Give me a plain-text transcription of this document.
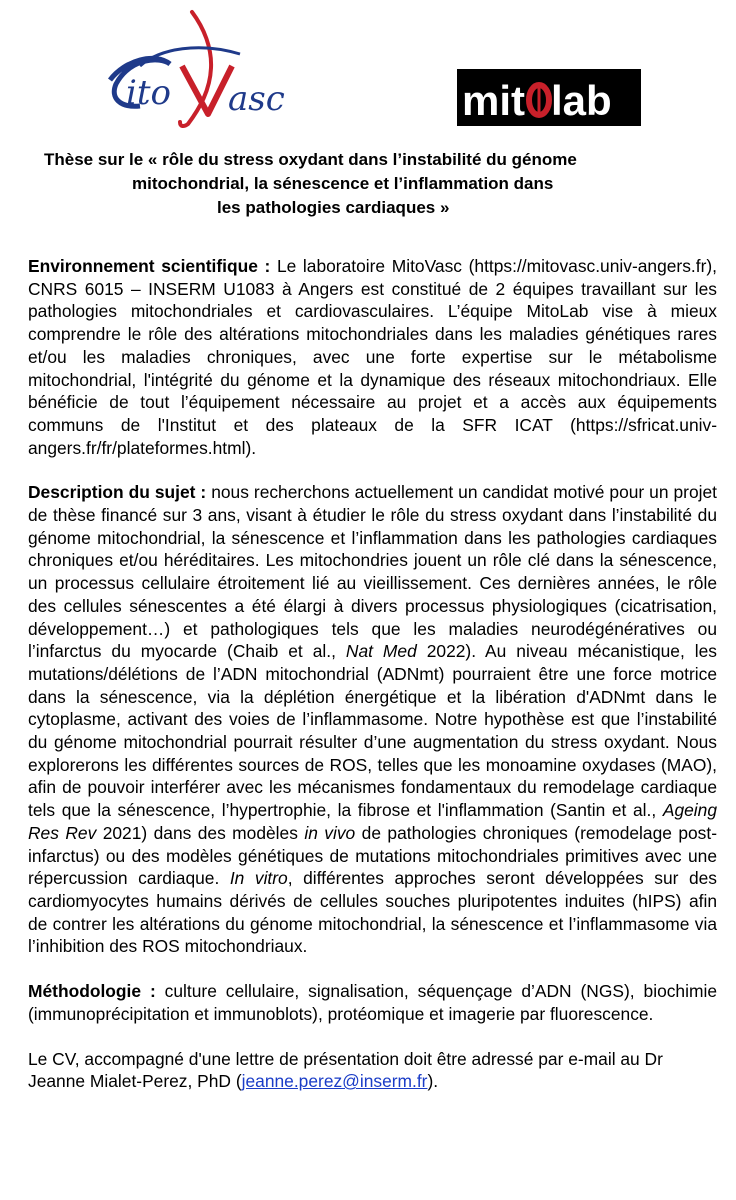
ito asc	mit lab
Thèse sur le « rôle du stress oxydant dans l’instabilité du génome
mitochondrial, la sénescence et l’inflammation dans
les pathologies cardiaques »

Environnement scientifique : Le laboratoire MitoVasc (https://mitovasc.univ-angers.fr), CNRS 6015 – INSERM U1083 à Angers est constitué de 2 équipes travaillant sur les pathologies mitochondriales et cardiovasculaires. L’équipe MitoLab vise à mieux comprendre le rôle des altérations mitochondriales dans les maladies génétiques rares et/ou les maladies chroniques, avec une forte expertise sur le métabolisme mitochondrial, l'intégrité du génome et la dynamique des réseaux mitochondriaux. Elle bénéficie de tout l’équipement nécessaire au projet et a accès aux équipements communs de l'Institut et des plateaux de la SFR ICAT (https://sfricat.univ-angers.fr/fr/plateformes.html).

Description du sujet : nous recherchons actuellement un candidat motivé pour un projet de thèse financé sur 3 ans, visant à étudier le rôle du stress oxydant dans l’instabilité du génome mitochondrial, la sénescence et l’inflammation dans les pathologies cardiaques chroniques et/ou héréditaires. Les mitochondries jouent un rôle clé dans la sénescence, un processus cellulaire étroitement lié au vieillissement. Ces dernières années, le rôle des cellules sénescentes a été élargi à divers processus physiologiques (cicatrisation, développement…) et pathologiques tels que les maladies neurodégénératives ou l’infarctus du myocarde (Chaib et al., Nat Med 2022). Au niveau mécanistique, les mutations/délétions de l’ADN mitochondrial (ADNmt) pourraient être une force motrice dans la sénescence, via la déplétion énergétique et la libération d'ADNmt dans le cytoplasme, activant des voies de l’inflammasome. Notre hypothèse est que l’instabilité du génome mitochondrial pourrait résulter d’une augmentation du stress oxydant. Nous explorerons les différentes sources de ROS, telles que les monoamine oxydases (MAO), afin de pouvoir interférer avec les mécanismes fondamentaux du remodelage cardiaque tels que la sénescence, l’hypertrophie, la fibrose et l'inflammation (Santin et al., Ageing Res Rev 2021) dans des modèles in vivo de pathologies chroniques (remodelage post-infarctus) ou des modèles génétiques de mutations mitochondriales primitives avec une répercussion cardiaque. In vitro, différentes approches seront développées sur des cardiomyocytes humains dérivés de cellules souches pluripotentes induites (hIPS) afin de contrer les altérations du génome mitochondrial, la sénescence et l’inflammasome via l’inhibition des ROS mitochondriaux.

Méthodologie : culture cellulaire, signalisation, séquençage d’ADN (NGS), biochimie (immunoprécipitation et immunoblots), protéomique et imagerie par fluorescence.

Le CV, accompagné d'une lettre de présentation doit être adressé par e-mail au Dr Jeanne Mialet-Perez, PhD (jeanne.perez@inserm.fr).
